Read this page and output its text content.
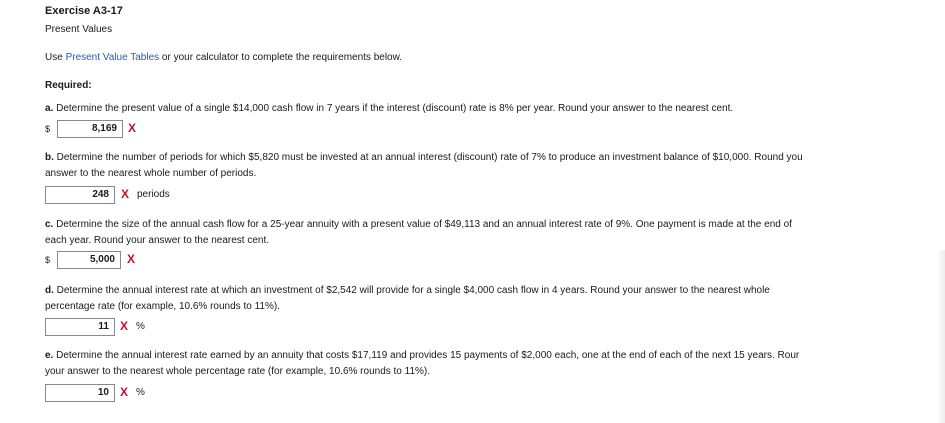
Exercise A3-17
Present Values
Use Present Value Tables or your calculator to complete the requirements below.
Required:
a. Determine the present value of a single $14,000 cash flow in 7 years if the interest (discount) rate is 8% per year. Round your answer to the nearest cent.
$	8,169 X
b. Determine the number of periods for which $5,820 must be invested at an annual interest (discount) rate of 7% to produce an investment balance of $10,000. Round you
answer to the nearest whole number of periods.
248	X periods
c. Determine the size of the annual cash flow for a 25-year annuity with a present value of $49,113 and an annual interest rate of 9%. One payment is made at the end of
each year. Round your answer to the nearest cent.
$	5,000	X
d. Determine the annual interest rate at which an investment of $2,542 will provide for a single $4,000 cash flow in 4 years. Round your answer to the nearest whole
percentage rate (for example, 10.6% rounds to 11%).
11 X %
e. Determine the annual interest rate earned by an annuity that costs $17,119 and provides 15 payments of $2,000 each, one at the end of each of the next 15 years. Rour
your answer to the nearest whole percentage rate (for example, 10.6% rounds to 11%).
10 X %
